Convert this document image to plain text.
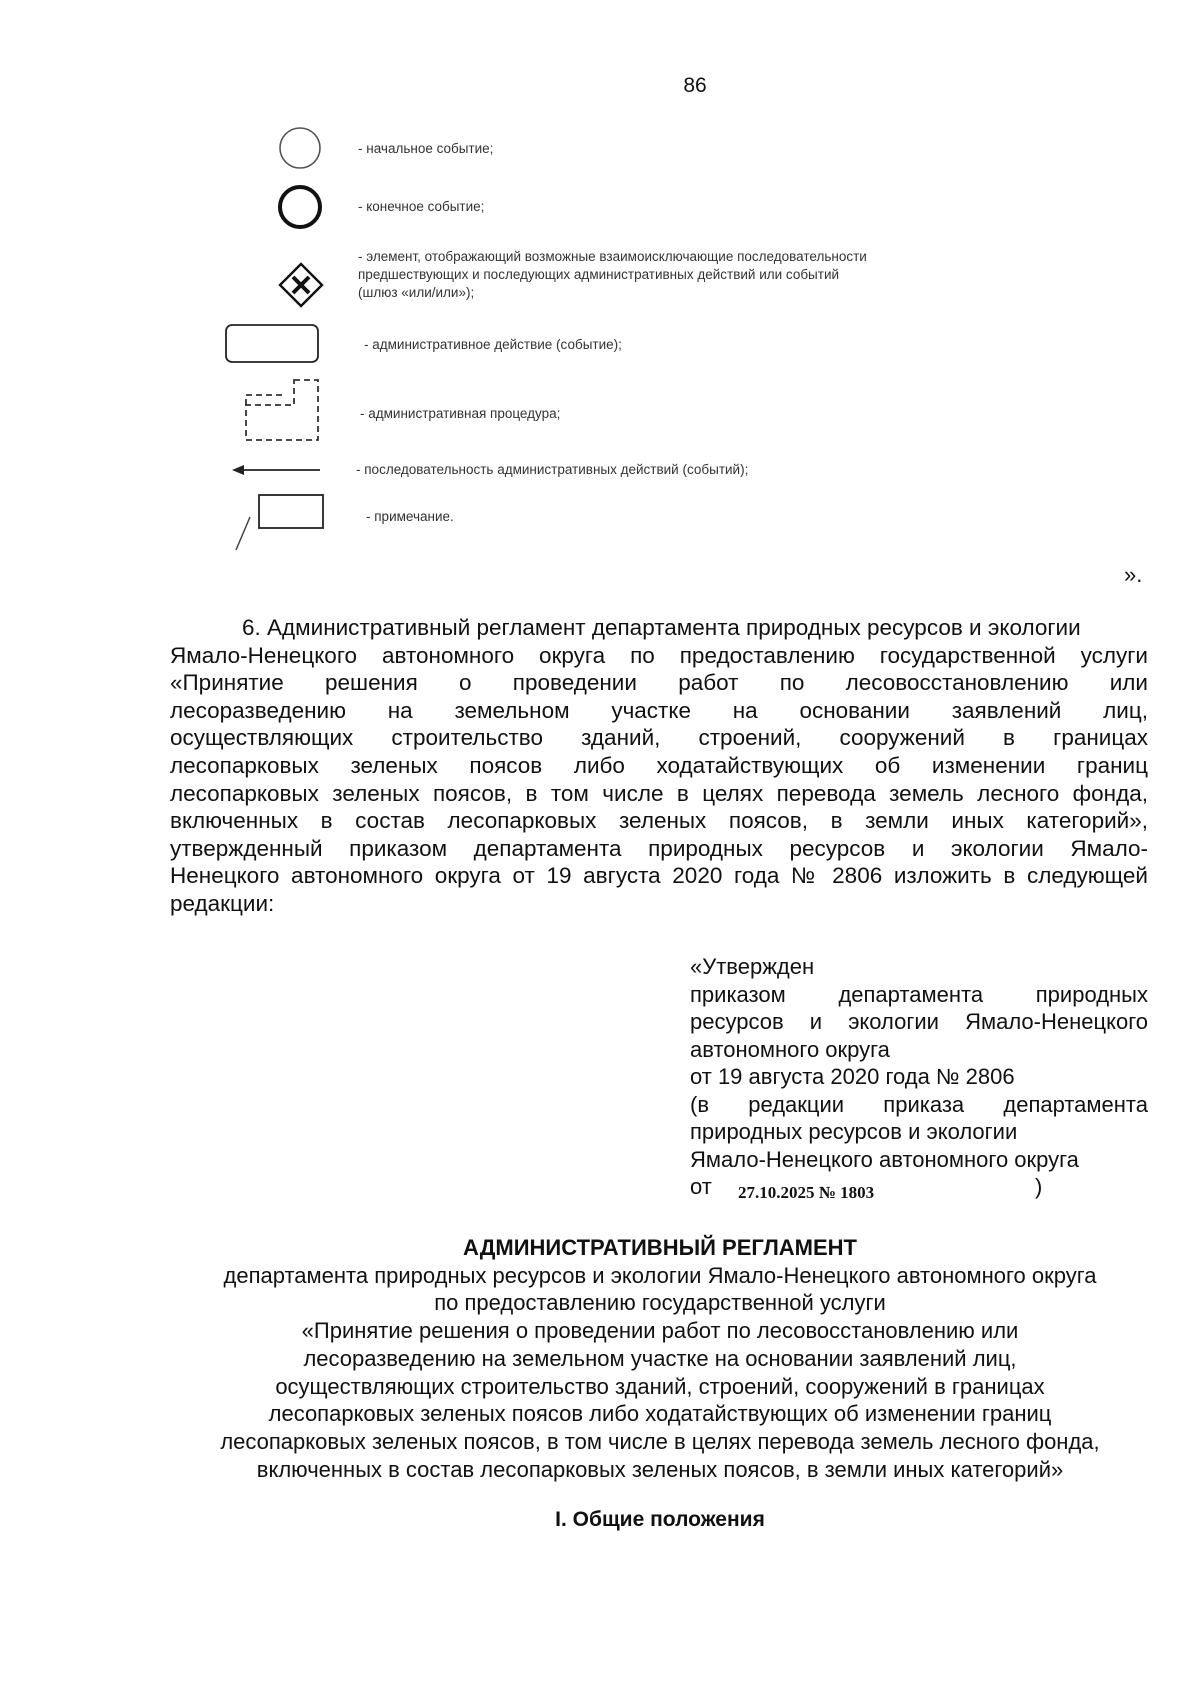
86
- начальное событие;
- конечное событие;
- элемент, отображающий возможные взаимоисключающие последовательности
предшествующих и последующих административных действий или событий
(шлюз «или/или»);
- административное действие (событие);
- административная процедура;
- последовательность административных действий (событий);
- примечание.
».
6. Административный регламент департамента природных ресурсов и экологии
Ямало-Ненецкого автономного округа по предоставлению государственной услуги
«Принятие решения о проведении работ по лесовосстановлению или
лесоразведению на земельном участке на основании заявлений лиц,
осуществляющих строительство зданий, строений, сооружений в границах
лесопарковых зеленых поясов либо ходатайствующих об изменении границ
лесопарковых зеленых поясов, в том числе в целях перевода земель лесного фонда,
включенных в состав лесопарковых зеленых поясов, в земли иных категорий»,
утвержденный приказом департамента природных ресурсов и экологии Ямало-
Ненецкого автономного округа от 19 августа 2020 года № 2806 изложить в следующей
редакции:
«Утвержден
приказом департамента природных
ресурсов и экологии Ямало-Ненецкого
автономного округа
от 19 августа 2020 года № 2806
(в редакции приказа департамента
природных ресурсов и экологии
Ямало-Ненецкого автономного округа
от 27.10.2025 № 1803	)
АДМИНИСТРАТИВНЫЙ РЕГЛАМЕНТ
департамента природных ресурсов и экологии Ямало-Ненецкого автономного округа
по предоставлению государственной услуги
«Принятие решения о проведении работ по лесовосстановлению или
лесоразведению на земельном участке на основании заявлений лиц,
осуществляющих строительство зданий, строений, сооружений в границах
лесопарковых зеленых поясов либо ходатайствующих об изменении границ
лесопарковых зеленых поясов, в том числе в целях перевода земель лесного фонда,
включенных в состав лесопарковых зеленых поясов, в земли иных категорий»
I. Общие положения
